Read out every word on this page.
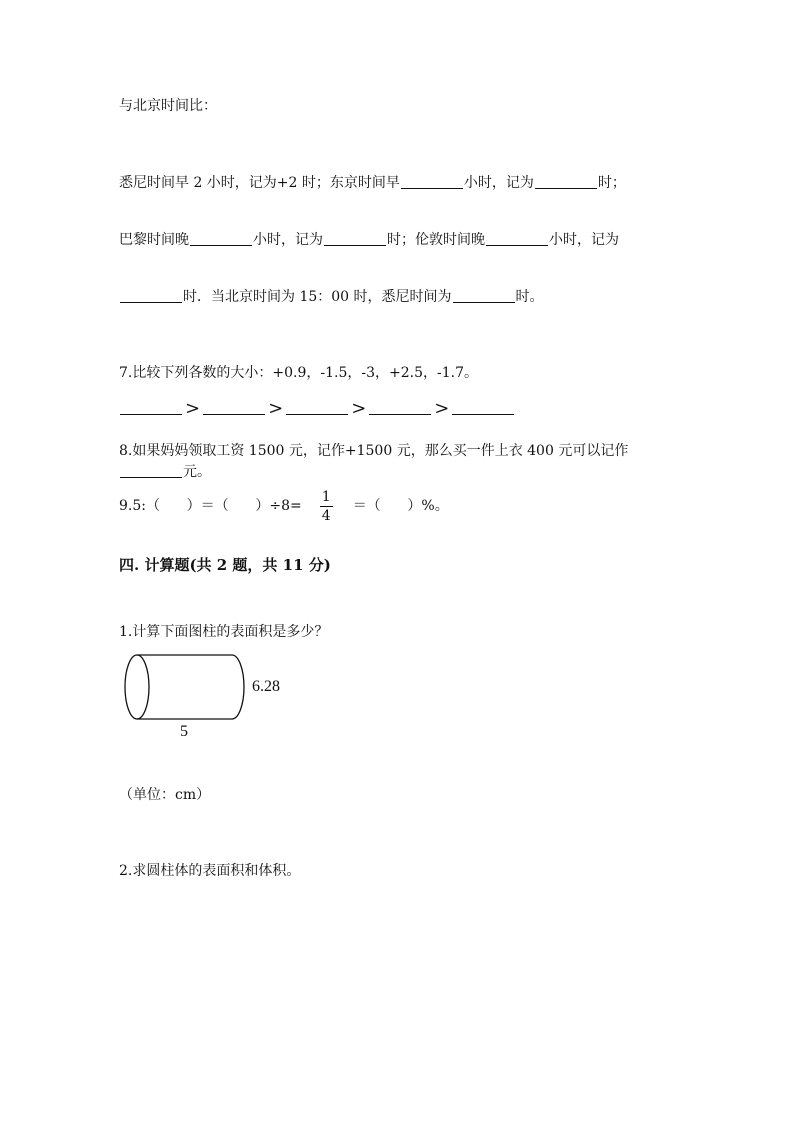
与北京时间比：
悉尼时间早 2 小时，记为+2 时；东京时间早	小时，记为	时；
巴黎时间晚	小时，记为	时；伦敦时间晚	小时，记为
时．当北京时间为 15：00 时，悉尼时间为	时。
7.比较下列各数的大小：+0.9，-1.5，-3，+2.5，-1.7。
>	>	>	>
8.如果妈妈领取工资 1500 元，记作+1500 元，那么买一件上衣 400 元可以记作
元。
9.5:（      ）＝（      ）$\div 8= \frac{1}{4}$ ＝（      ）%。
四. 计算题(共 2 题，共 11 分)
1.计算下面图柱的表面积是多少？
6.28
5
（单位：cm）
2.求圆柱体的表面积和体积。
